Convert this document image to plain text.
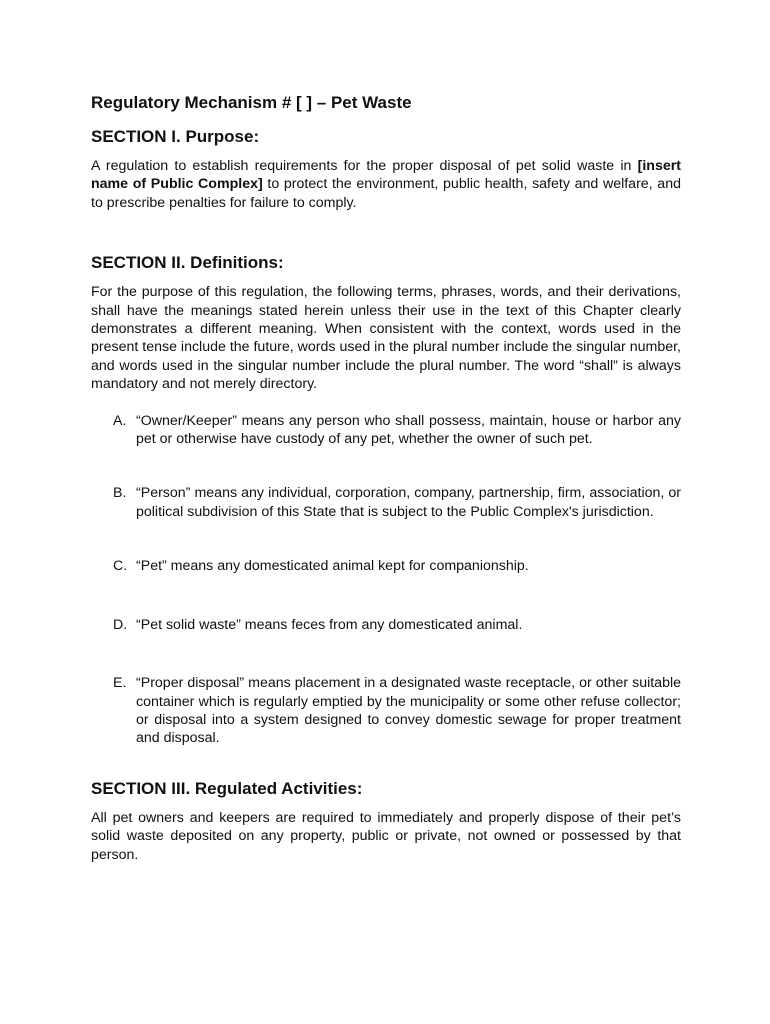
Regulatory Mechanism # [ ] – Pet Waste
SECTION I. Purpose:

A regulation to establish requirements for the proper disposal of pet solid waste in [insert name of Public Complex] to protect the environment, public health, safety and welfare, and to prescribe penalties for failure to comply.

SECTION II. Definitions:

For the purpose of this regulation, the following terms, phrases, words, and their derivations, shall have the meanings stated herein unless their use in the text of this Chapter clearly demonstrates a different meaning. When consistent with the context, words used in the present tense include the future, words used in the plural number include the singular number, and words used in the singular number include the plural number. The word “shall” is always mandatory and not merely directory.

A. “Owner/Keeper” means any person who shall possess, maintain, house or harbor any pet or otherwise have custody of any pet, whether the owner of such pet.
B. “Person” means any individual, corporation, company, partnership, firm, association, or political subdivision of this State that is subject to the Public Complex's jurisdiction.
C. “Pet” means any domesticated animal kept for companionship.
D. “Pet solid waste” means feces from any domesticated animal.
E. “Proper disposal” means placement in a designated waste receptacle, or other suitable container which is regularly emptied by the municipality or some other refuse collector; or disposal into a system designed to convey domestic sewage for proper treatment and disposal.
SECTION III. Regulated Activities:

All pet owners and keepers are required to immediately and properly dispose of their pet’s solid waste deposited on any property, public or private, not owned or possessed by that person.
